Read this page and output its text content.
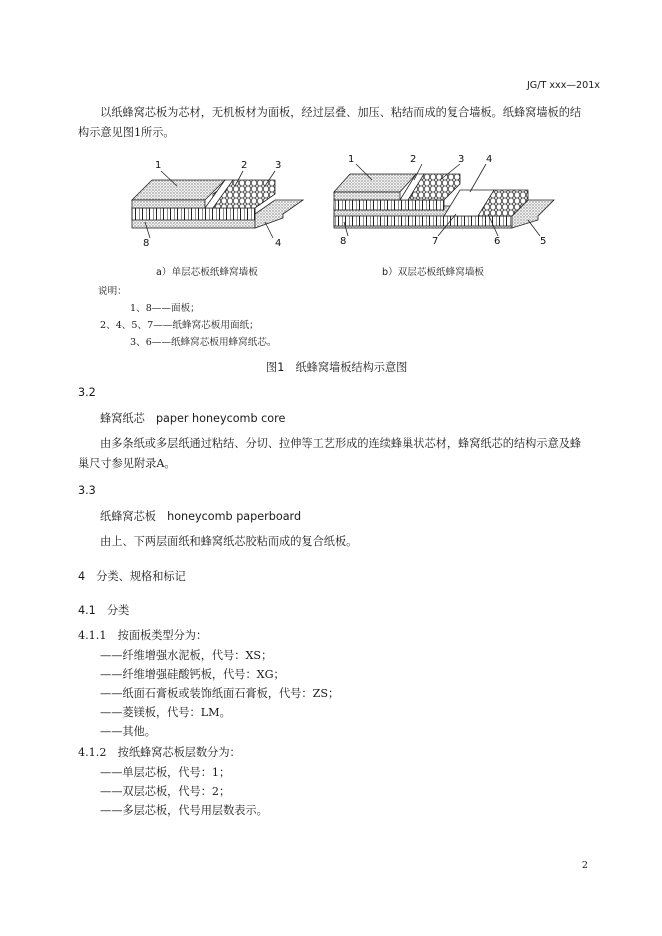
JG/T xxx—201x
以纸蜂窝芯板为芯材，无机板材为面板，经过层叠、加压、粘结而成的复合墙板。纸蜂窝墙板的结
构示意见图1所示。
1	2	3
8	4
1	2	3 4
8	7	6	5
a）单层芯板纸蜂窝墙板	b）双层芯板纸蜂窝墙板
说明：
1、8——面板；
2、4、5、7——纸蜂窝芯板用面纸；
3、6——纸蜂窝芯板用蜂窝纸芯。
图1　纸蜂窝墙板结构示意图
3.2
蜂窝纸芯　paper honeycomb core
由多条纸或多层纸通过粘结、分切、拉伸等工艺形成的连续蜂巢状芯材，蜂窝纸芯的结构示意及蜂
巢尺寸参见附录A。
3.3
纸蜂窝芯板　honeycomb paperboard
由上、下两层面纸和蜂窝纸芯胶粘而成的复合纸板。
4　分类、规格和标记
4.1　分类
4.1.1　按面板类型分为：
——纤维增强水泥板，代号：XS；
——纤维增强硅酸钙板，代号：XG；
——纸面石膏板或装饰纸面石膏板，代号：ZS；
——菱镁板，代号：LM。
——其他。
4.1.2　按纸蜂窝芯板层数分为：
——单层芯板，代号：1；
——双层芯板，代号：2；
——多层芯板，代号用层数表示。
2
